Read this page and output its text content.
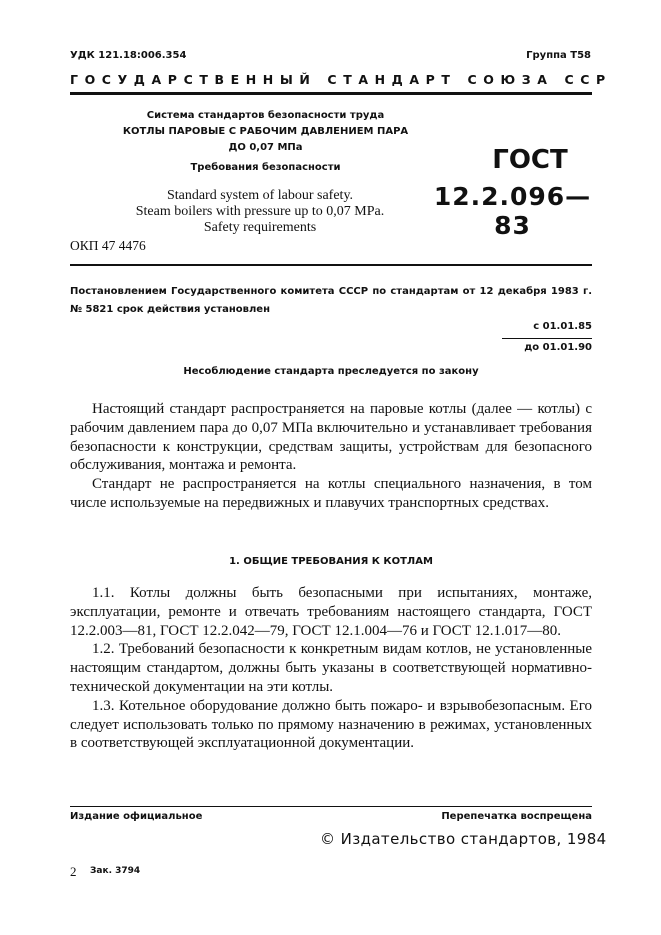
УДК 121.18:006.354	Группа Т58
ГОСУДАРСТВЕННЫЙ СТАНДАРТ СОЮЗА ССР
Система стандартов безопасности труда
КОТЛЫ ПАРОВЫЕ С РАБОЧИМ ДАВЛЕНИЕМ ПАРА
ДО 0,07 МПа
Требования безопасности	ГОСТ
12.2.096—83
Standard system of labour safety.
Steam boilers with pressure up to 0,07 MPa.
Safety requirements
ОКП 47 4476
Постановлением Государственного комитета СССР по стандартам от 12 декабря 1983 г. № 5821 срок действия установлен
с 01.01.85
до 01.01.90
Несоблюдение стандарта преследуется по закону

Настоящий стандарт распространяется на паровые котлы (далее — котлы) с рабочим давлением пара до 0,07 МПа включительно и устанавливает требования безопасности к конструкции, средствам защиты, устройствам для безопасного обслуживания, монтажа и ремонта.

Стандарт не распространяется на котлы специального назначения, в том числе используемые на передвижных и плавучих транспортных средствах.

1. ОБЩИЕ ТРЕБОВАНИЯ К КОТЛАМ

1.1. Котлы должны быть безопасными при испытаниях, монтаже, эксплуатации, ремонте и отвечать требованиям настоящего стандарта, ГОСТ 12.2.003—81, ГОСТ 12.2.042—79, ГОСТ 12.1.004—76 и ГОСТ 12.1.017—80.

1.2. Требований безопасности к конкретным видам котлов, не установленные настоящим стандартом, должны быть указаны в соответствующей нормативно-технической документации на эти котлы.

1.3. Котельное оборудование должно быть пожаро- и взрывобезопасным. Его следует использовать только по прямому назначению в режимах, установленных в соответствующей эксплуатационной документации.

Издание официальное	Перепечатка воспрещена
© Издательство стандартов, 1984
2 Зак. 3794
